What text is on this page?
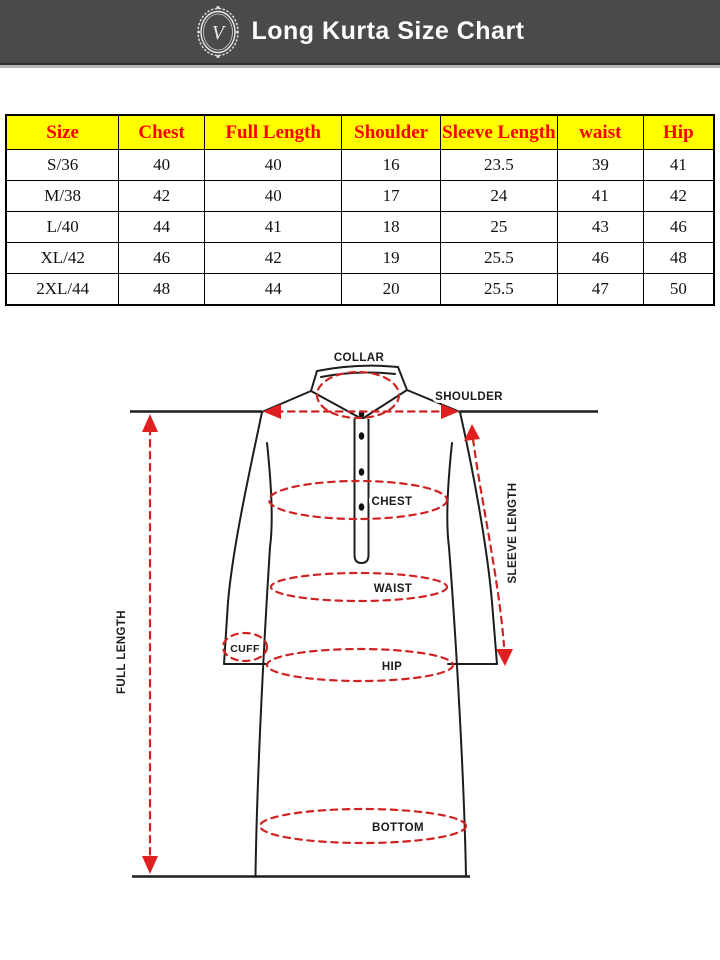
V Long Kurta Size Chart
Size	Chest	Full Length	Shoulder	Sleeve Length	waist	Hip
S/36	40	40	16	23.5	39	41
M/38	42	40	17	24	41	42
L/40	44	41	18	25	43	46
XL/42	46	42	19	25.5	46	48
2XL/44	48	44	20	25.5	47	50
COLLAR
SHOULDER
CHEST
WAIST
CUFF
HIP
BOTTOM
FULL LENGTH
SLEEVE LENGTH
